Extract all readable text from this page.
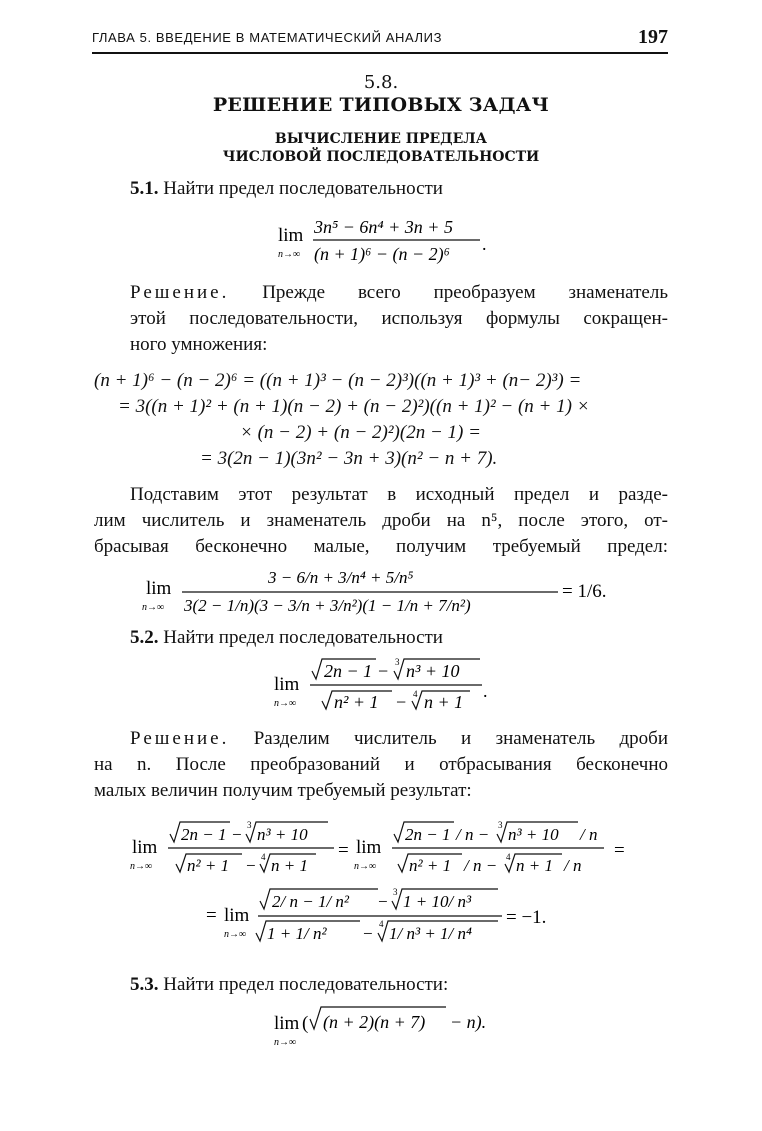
ГЛАВА 5. ВВЕДЕНИЕ В МАТЕМАТИЧЕСКИЙ АНАЛИЗ	197
5.8.
РЕШЕНИЕ ТИПОВЫХ ЗАДАЧ
ВЫЧИСЛЕНИЕ ПРЕДЕЛА
ЧИСЛОВОЙ ПОСЛЕДОВАТЕЛЬНОСТИ
5.1. Найти предел последовательности
lim
n→∞
3n⁵ − 6n⁴ + 3n + 5
(n + 1)⁶ − (n − 2)⁶ .
Решение. Прежде всего преобразуем знаменатель
этой последовательности, используя формулы сокращен-
ного умножения:
(n + 1)⁶ − (n − 2)⁶ = ((n + 1)³ − (n − 2)³)((n + 1)³ + (n− 2)³) =
= 3((n + 1)² + (n + 1)(n − 2) + (n − 2)²)((n + 1)² − (n + 1) ×
× (n − 2) + (n − 2)²)(2n − 1) =
= 3(2n − 1)(3n² − 3n + 3)(n² − n + 7).
Подставим этот результат в исходный предел и разде-
лим числитель и знаменатель дроби на n⁵, после этого, от-
брасывая бесконечно малые, получим требуемый предел:
lim
n→∞
3 − 6/n + 3/n⁴ + 5/n⁵
3(2 − 1/n)(3 − 3/n + 3/n²)(1 − 1/n + 7/n²)
= 1/6.
5.2. Найти предел последовательности
lim
n→∞
2n − 1 − 3 n³ + 10
n² + 1 − 4 n + 1
.
Решение. Разделим числитель и знаменатель дроби
на n. После преобразований и отбрасывания бесконечно
малых величин получим требуемый результат:
lim
n→∞
2n − 1 − 3 n³ + 10
n² + 1 − 4 n + 1
= lim
n→∞
2n − 1 / n − 3 n³ + 10 / n
n² + 1 / n − 4 n + 1 / n
=
= lim
n→∞
2/ n − 1/ n² − 3 1 + 10/ n³
1 + 1/ n² − 4 1/ n³ + 1/ n⁴
= −1.
5.3. Найти предел последовательности:
lim
n→∞
( (n + 2)(n + 7) − n).
